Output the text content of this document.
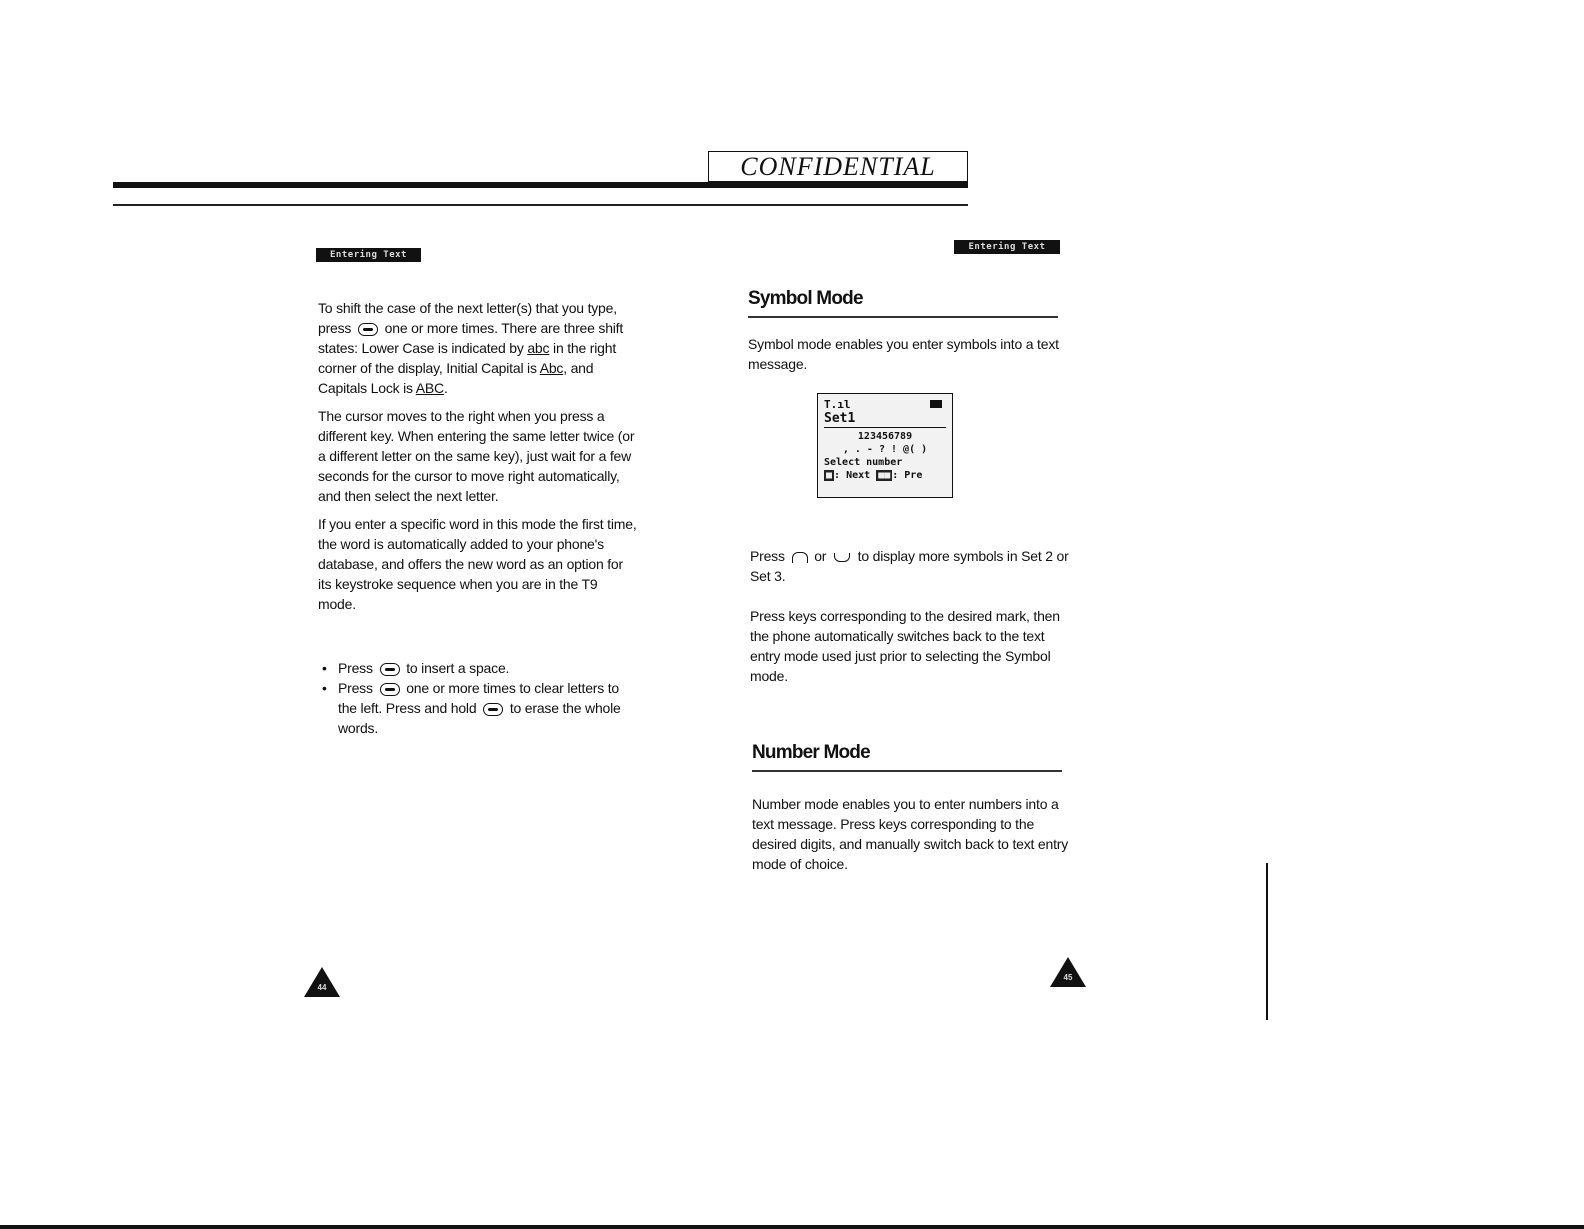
CONFIDENTIAL
Entering Text

To shift the case of the next letter(s) that you type, press one or more times. There are three shift states: Lower Case is indicated by abc in the right corner of the display, Initial Capital is Abc, and Capitals Lock is ABC.

The cursor moves to the right when you press a different key. When entering the same letter twice (or a different letter on the same key), just wait for a few seconds for the cursor to move right automatically, and then select the next letter.

If you enter a specific word in this mode the first time, the word is automatically added to your phone's database, and offers the new word as an option for its keystroke sequence when you are in the T9 mode.

• Press to insert a space.
• Press one or more times to clear letters to the left. Press and hold to erase the whole words.
44
Entering Text
Symbol Mode
Symbol mode enables you enter symbols into a text message.
T.ıl
Set1
123456789
, . - ? ! @( )
Select number
■ : Next ■■ : Pre
Press or to display more symbols in Set 2 or Set 3.
Press keys corresponding to the desired mark, then the phone automatically switches back to the text entry mode used just prior to selecting the Symbol mode.
Number Mode
Number mode enables you to enter numbers into a text message. Press keys corresponding to the desired digits, and manually switch back to text entry mode of choice.
45
